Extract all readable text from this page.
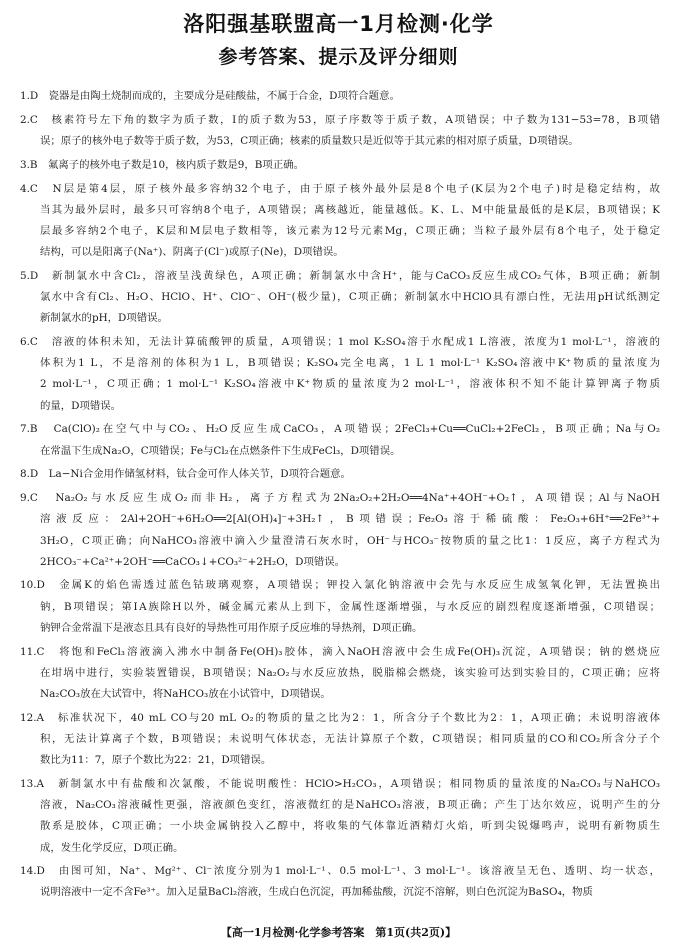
洛阳强基联盟高一1月检测·化学
参考答案、提示及评分细则
1.D　瓷器是由陶土烧制而成的，主要成分是硅酸盐，不属于合金，D项符合题意。
2.C　核素符号左下角的数字为质子数，I的质子数为53，原子序数等于质子数，A项错误；中子数为131−53=78，B项错
误；原子的核外电子数等于质子数，为53，C项正确；核素的质量数只是近似等于其元素的相对原子质量，D项错误。
3.B　氟离子的核外电子数是10，核内质子数是9，B项正确。
4.C　N层是第4层，原子核外最多容纳32个电子，由于原子核外最外层是8个电子(K层为2个电子)时是稳定结构，故
当其为最外层时，最多只可容纳8个电子，A项错误；离核越近，能量越低。K、L、M中能量最低的是K层，B项错误；K
层最多容纳2个电子，K层和M层电子数相等，该元素为12号元素Mg，C项正确；当粒子最外层有8个电子，处于稳定
结构，可以是阳离子(Na⁺)、阴离子(Cl⁻)或原子(Ne)，D项错误。
5.D　新制氯水中含Cl₂，溶液呈浅黄绿色，A项正确；新制氯水中含H⁺，能与CaCO₃反应生成CO₂气体，B项正确；新制
氯水中含有Cl₂、H₂O、HClO、H⁺、ClO⁻、OH⁻(极少量)，C项正确；新制氯水中HClO具有漂白性，无法用pH试纸测定
新制氯水的pH，D项错误。
6.C　溶液的体积未知，无法计算硫酸钾的质量，A项错误；1 mol K₂SO₄溶于水配成1 L溶液，浓度为1 mol·L⁻¹，溶液的
体积为1 L，不是溶剂的体积为1 L，B项错误；K₂SO₄完全电离，1 L 1 mol·L⁻¹ K₂SO₄溶液中K⁺物质的量浓度为
2 mol·L⁻¹，C项正确；1 mol·L⁻¹ K₂SO₄溶液中K⁺物质的量浓度为2 mol·L⁻¹，溶液体积不知不能计算钾离子物质
的量，D项错误。
7.B　Ca(ClO)₂在空气中与CO₂、H₂O反应生成CaCO₃，A项错误；2FeCl₃+Cu══CuCl₂+2FeCl₂，B项正确；Na与O₂
在常温下生成Na₂O，C项错误；Fe与Cl₂在点燃条件下生成FeCl₃，D项错误。
8.D　La−Ni合金用作储氢材料，钛合金可作人体关节，D项符合题意。
9.C　Na₂O₂与水反应生成O₂而非H₂，离子方程式为2Na₂O₂+2H₂O══4Na⁺+4OH⁻+O₂↑，A项错误；Al与NaOH
溶液反应：2Al+2OH⁻+6H₂O══2[Al(OH)₄]⁻+3H₂↑，B项错误；Fe₂O₃溶于稀硫酸：Fe₂O₃+6H⁺══2Fe³⁺+
3H₂O，C项正确；向NaHCO₃溶液中滴入少量澄清石灰水时，OH⁻与HCO₃⁻按物质的量之比1：1反应，离子方程式为
2HCO₃⁻+Ca²⁺+2OH⁻══CaCO₃↓+CO₃²⁻+2H₂O，D项错误。
10.D　金属K的焰色需透过蓝色钴玻璃观察，A项错误；钾投入氯化钠溶液中会先与水反应生成氢氧化钾，无法置换出
钠，B项错误；第ⅠA族除H以外，碱金属元素从上到下，金属性逐渐增强，与水反应的剧烈程度逐渐增强，C项错误；
钠钾合金常温下是液态且具有良好的导热性可用作原子反应堆的导热剂，D项正确。
11.C　将饱和FeCl₃溶液滴入沸水中制备Fe(OH)₃胶体，滴入NaOH溶液中会生成Fe(OH)₃沉淀，A项错误；钠的燃烧应
在坩埚中进行，实验装置错误，B项错误；Na₂O₂与水反应放热，脱脂棉会燃烧，该实验可达到实验目的，C项正确；应将
Na₂CO₃放在大试管中，将NaHCO₃放在小试管中，D项错误。
12.A　标准状况下，40 mL CO与20 mL O₂的物质的量之比为2：1，所含分子个数比为2：1，A项正确；未说明溶液体
积，无法计算离子个数，B项错误；未说明气体状态，无法计算原子个数，C项错误；相同质量的CO和CO₂所含分子个
数比为11：7，原子个数比为22：21，D项错误。
13.A　新制氯水中有盐酸和次氯酸，不能说明酸性：HClO>H₂CO₃，A项错误；相同物质的量浓度的Na₂CO₃与NaHCO₃
溶液，Na₂CO₃溶液碱性更强，溶液颜色变红，溶液微红的是NaHCO₃溶液，B项正确；产生丁达尔效应，说明产生的分
散系是胶体，C项正确；一小块金属钠投入乙醇中，将收集的气体靠近酒精灯火焰，听到尖锐爆鸣声，说明有新物质生
成，发生化学反应，D项正确。
14.D　由图可知，Na⁺、Mg²⁺、Cl⁻浓度分别为1 mol·L⁻¹、0.5 mol·L⁻¹、3 mol·L⁻¹。该溶液呈无色、透明、均一状态，
说明溶液中一定不含Fe³⁺。加入足量BaCl₂溶液，生成白色沉淀，再加稀盐酸，沉淀不溶解，则白色沉淀为BaSO₄，物质
【高一1月检测·化学参考答案　第1页(共2页)】
